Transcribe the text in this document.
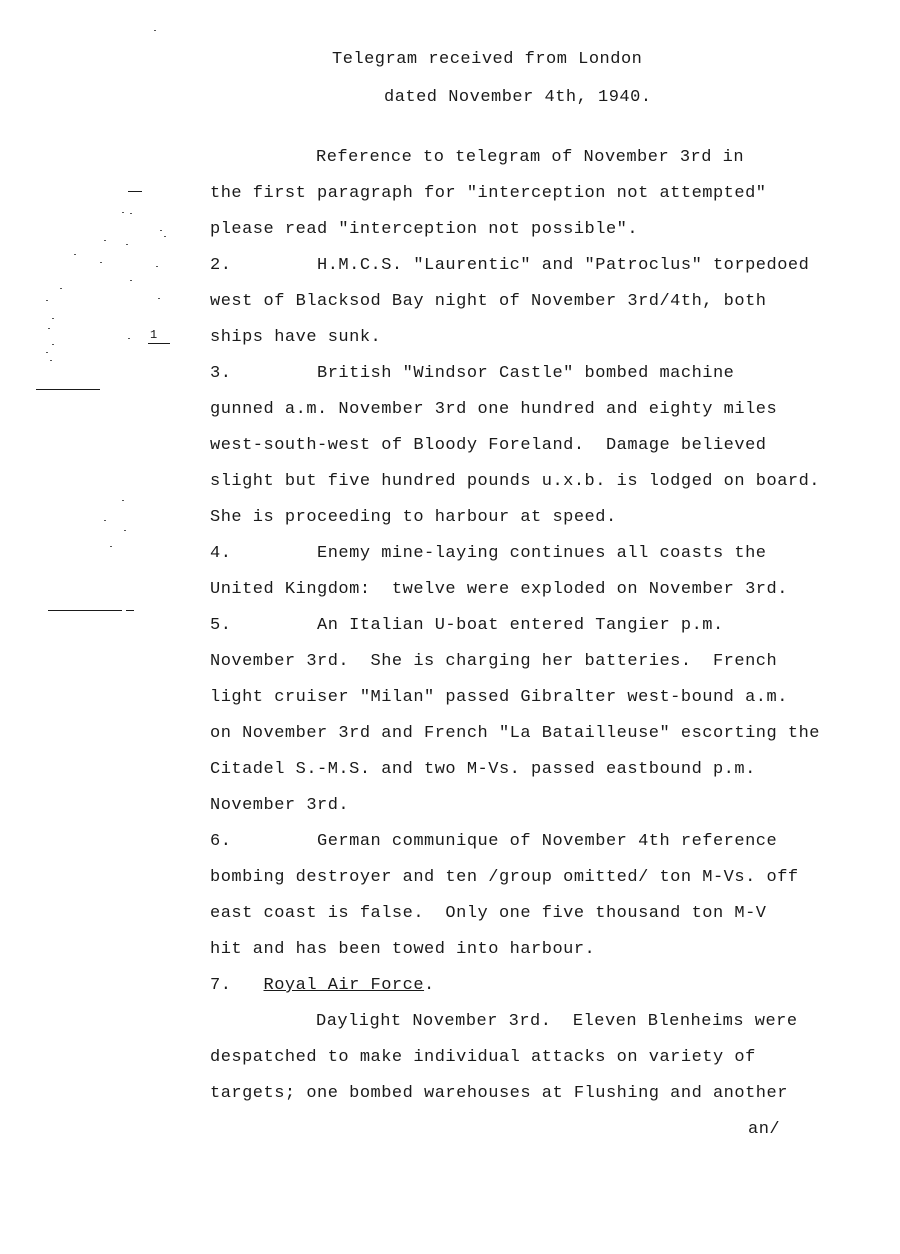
Telegram received from London
dated November 4th, 1940.
Reference to telegram of November 3rd in
the first paragraph for "interception not attempted"
please read "interception not possible".
2.        H.M.C.S. "Laurentic" and "Patroclus" torpedoed
west of Blacksod Bay night of November 3rd/4th, both
ships have sunk.
3.        British "Windsor Castle" bombed machine
gunned a.m. November 3rd one hundred and eighty miles
west-south-west of Bloody Foreland.  Damage believed
slight but five hundred pounds u.x.b. is lodged on board.
She is proceeding to harbour at speed.
4.        Enemy mine-laying continues all coasts the
United Kingdom:  twelve were exploded on November 3rd.
5.        An Italian U-boat entered Tangier p.m.
November 3rd.  She is charging her batteries.  French
light cruiser "Milan" passed Gibralter west-bound a.m.
on November 3rd and French "La Batailleuse" escorting the
Citadel S.-M.S. and two M-Vs. passed eastbound p.m.
November 3rd.
6.        German communique of November 4th reference
bombing destroyer and ten /group omitted/ ton M-Vs. off
east coast is false.  Only one five thousand ton M-V
hit and has been towed into harbour.
7. Royal Air Force.
Daylight November 3rd.  Eleven Blenheims were
despatched to make individual attacks on variety of
targets; one bombed warehouses at Flushing and another
an/
1
